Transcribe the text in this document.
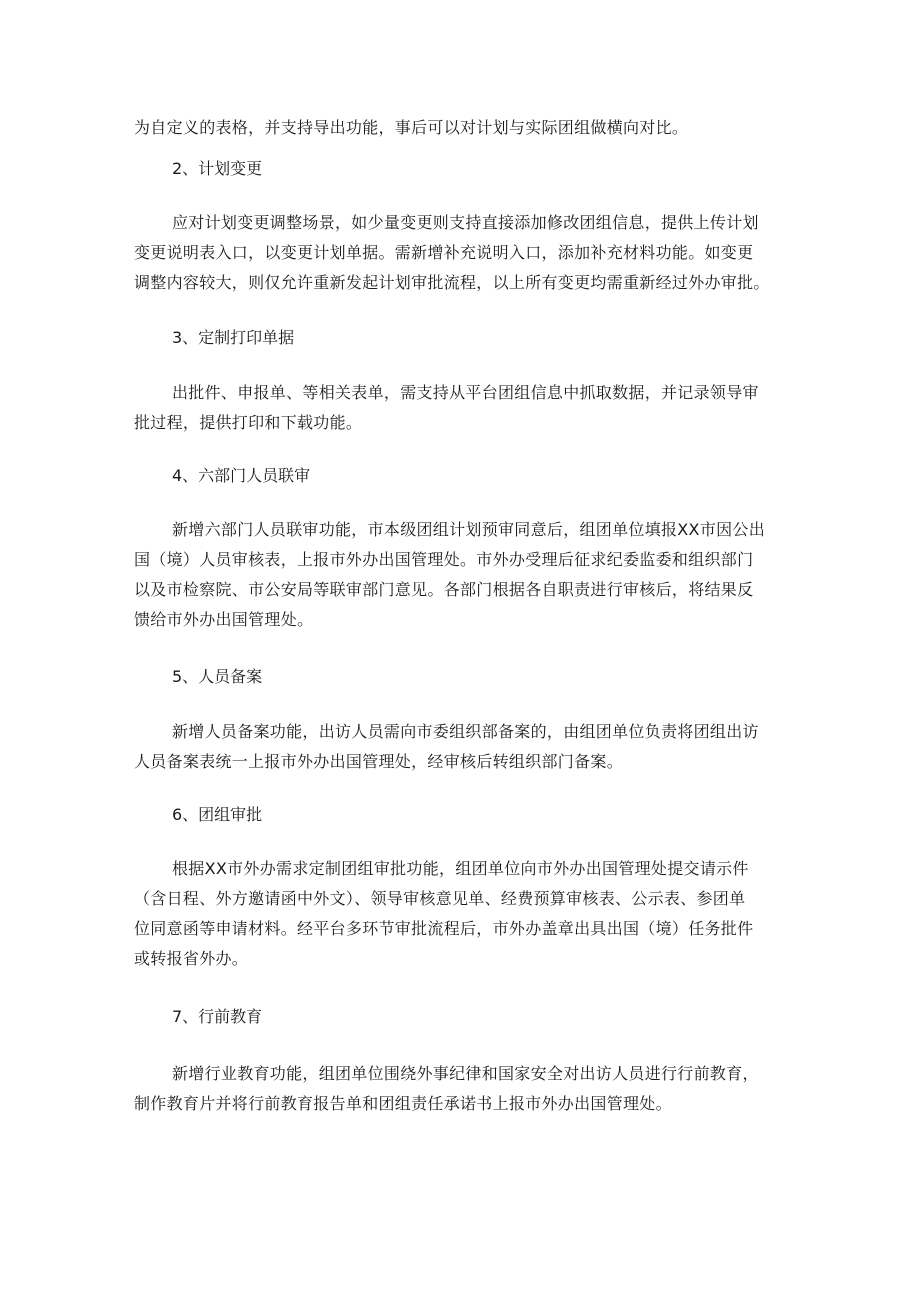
为自定义的表格，并支持导出功能，事后可以对计划与实际团组做横向对比。
2、计划变更
应对计划变更调整场景，如少量变更则支持直接添加修改团组信息，提供上传计划
变更说明表入口，以变更计划单据。需新增补充说明入口，添加补充材料功能。如变更
调整内容较大，则仅允许重新发起计划审批流程，以上所有变更均需重新经过外办审批。
3、定制打印单据
出批件、申报单、等相关表单，需支持从平台团组信息中抓取数据，并记录领导审
批过程，提供打印和下载功能。
4、六部门人员联审
新增六部门人员联审功能，市本级团组计划预审同意后，组团单位填报XX市因公出
国（境）人员审核表，上报市外办出国管理处。市外办受理后征求纪委监委和组织部门
以及市检察院、市公安局等联审部门意见。各部门根据各自职责进行审核后，将结果反
馈给市外办出国管理处。
5、人员备案
新增人员备案功能，出访人员需向市委组织部备案的，由组团单位负责将团组出访
人员备案表统一上报市外办出国管理处，经审核后转组织部门备案。
6、团组审批
根据XX市外办需求定制团组审批功能，组团单位向市外办出国管理处提交请示件
（含日程、外方邀请函中外文）、领导审核意见单、经费预算审核表、公示表、参团单
位同意函等申请材料。经平台多环节审批流程后，市外办盖章出具出国（境）任务批件
或转报省外办。
7、行前教育
新增行业教育功能，组团单位围绕外事纪律和国家安全对出访人员进行行前教育，
制作教育片并将行前教育报告单和团组责任承诺书上报市外办出国管理处。
